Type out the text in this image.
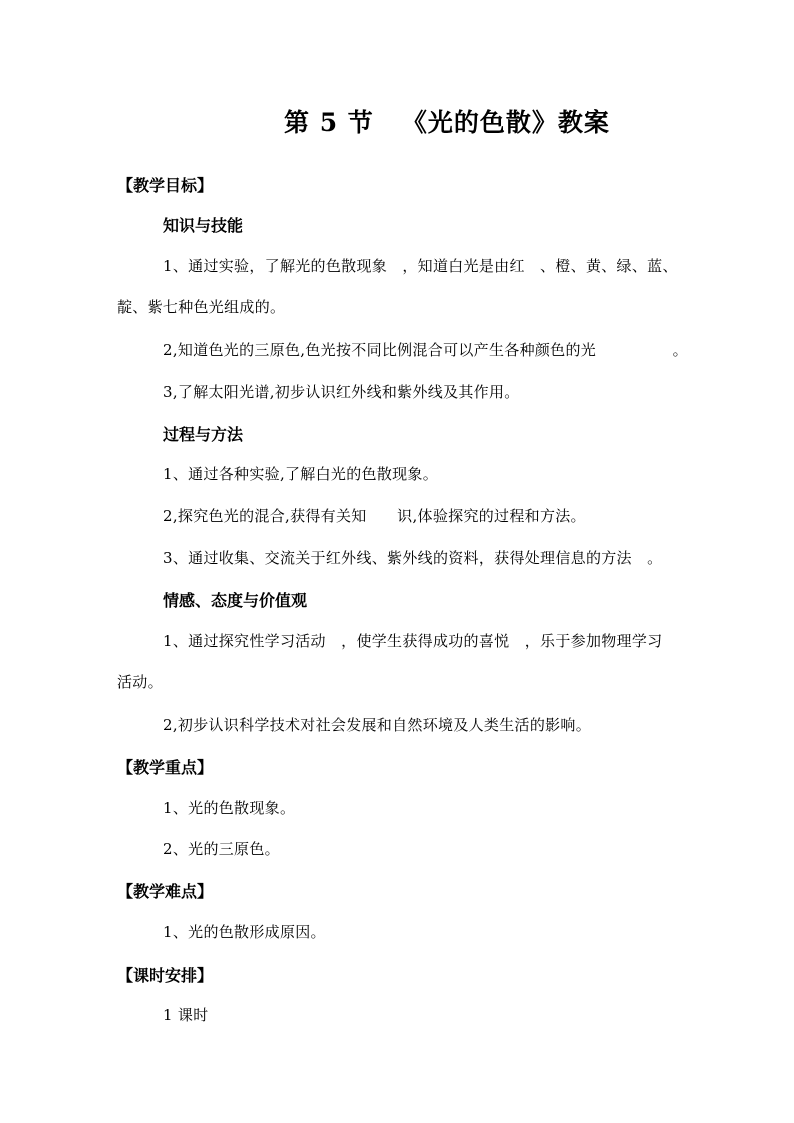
第 5 节 《光的色散》教案
【教学目标】
知识与技能
1、通过实验，了解光的色散现象　，知道白光是由红　、橙、黄、绿、蓝、
靛、紫七种色光组成的。
2,知道色光的三原色,色光按不同比例混合可以产生各种颜色的光　　　　　。
3,了解太阳光谱,初步认识红外线和紫外线及其作用。
过程与方法
1、通过各种实验,了解白光的色散现象。
2,探究色光的混合,获得有关知　　识,体验探究的过程和方法。
3、通过收集、交流关于红外线、紫外线的资料，获得处理信息的方法　。
情感、态度与价值观
1、通过探究性学习活动　，使学生获得成功的喜悦　，乐于参加物理学习
活动。
2,初步认识科学技术对社会发展和自然环境及人类生活的影响。
【教学重点】
1、光的色散现象。
2、光的三原色。
【教学难点】
1、光的色散形成原因。
【课时安排】
1 课时
